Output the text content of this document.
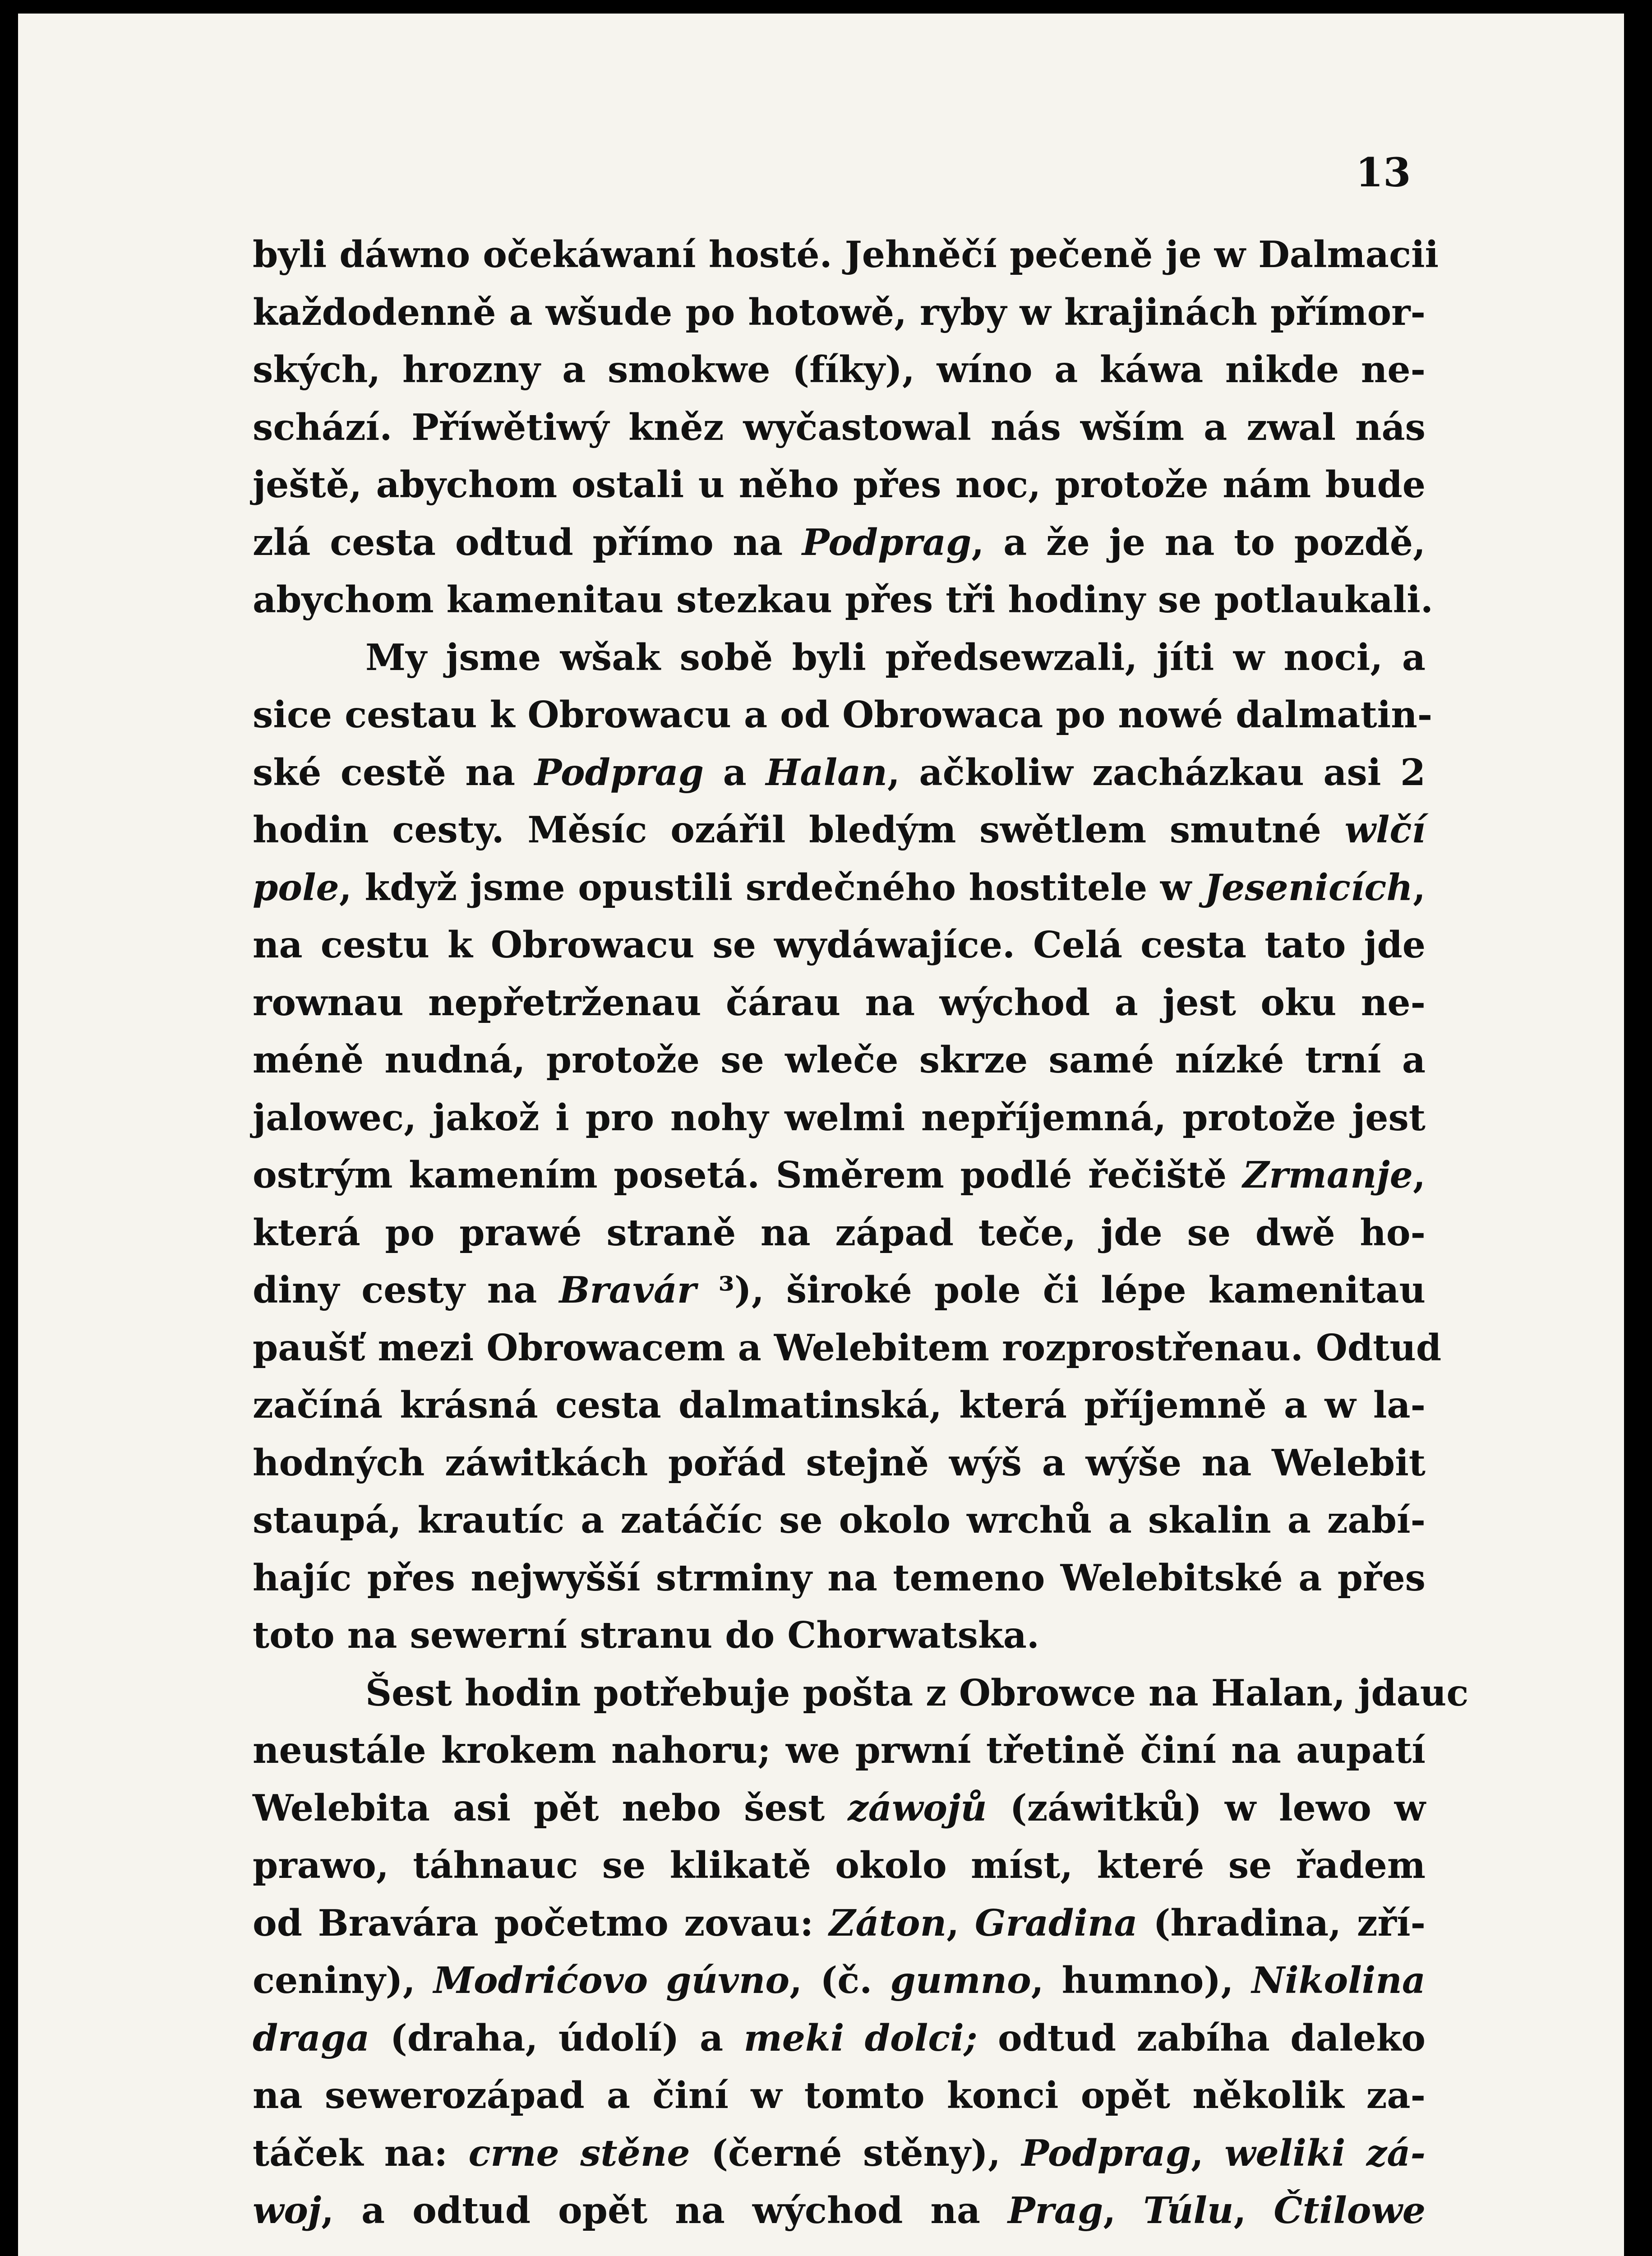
13
byli dáwno očekáwaní hosté. Jehněčí pečeně je w Dalmacii
každodenně a wšude po hotowě, ryby w krajinách přímor-
ských, hrozny a smokwe (fíky), wíno a káwa nikde ne-
schází. Příwětiwý kněz wyčastowal nás wším a zwal nás
ještě, abychom ostali u něho přes noc, protože nám bude
zlá cesta odtud přímo na Podprag, a že je na to pozdě,
abychom kamenitau stezkau přes tři hodiny se potlaukali.
My jsme wšak sobě byli předsewzali, jíti w noci, a
sice cestau k Obrowacu a od Obrowaca po nowé dalmatin-
ské cestě na Podprag a Halan, ačkoliw zacházkau asi 2
hodin cesty. Měsíc ozářil bledým swětlem smutné wlčí
pole, když jsme opustili srdečného hostitele w Jesenicích,
na cestu k Obrowacu se wydáwajíce. Celá cesta tato jde
rownau nepřetrženau čárau na wýchod a jest oku ne-
méně nudná, protože se wleče skrze samé nízké trní a
jalowec, jakož i pro nohy welmi nepříjemná, protože jest
ostrým kamením posetá. Směrem podlé řečiště Zrmanje,
která po prawé straně na západ teče, jde se dwě ho-
diny cesty na Bravár ³), široké pole či lépe kamenitau
paušť mezi Obrowacem a Welebitem rozprostřenau. Odtud
začíná krásná cesta dalmatinská, která příjemně a w la-
hodných záwitkách pořád stejně wýš a wýše na Welebit
staupá, krautíc a zatáčíc se okolo wrchů a skalin a zabí-
hajíc přes nejwyšší strminy na temeno Welebitské a přes
toto na sewerní stranu do Chorwatska.
Šest hodin potřebuje pošta z Obrowce na Halan, jdauc
neustále krokem nahoru; we prwní třetině činí na aupatí
Welebita asi pět nebo šest záwojů (záwitků) w lewo w
prawo, táhnauc se klikatě okolo míst, které se řadem
od Bravára početmo zovau: Záton, Gradina (hradina, zří-
ceniny), Modrićovo gúvno, (č. gumno, humno), Nikolina
draga (draha, údolí) a meki dolci; odtud zabíha daleko
na sewerozápad a činí w tomto konci opět několik za-
táček na: crne stěne (černé stěny), Podprag, weliki zá-
woj, a odtud opět na wýchod na Prag, Túlu, Čtilowe
